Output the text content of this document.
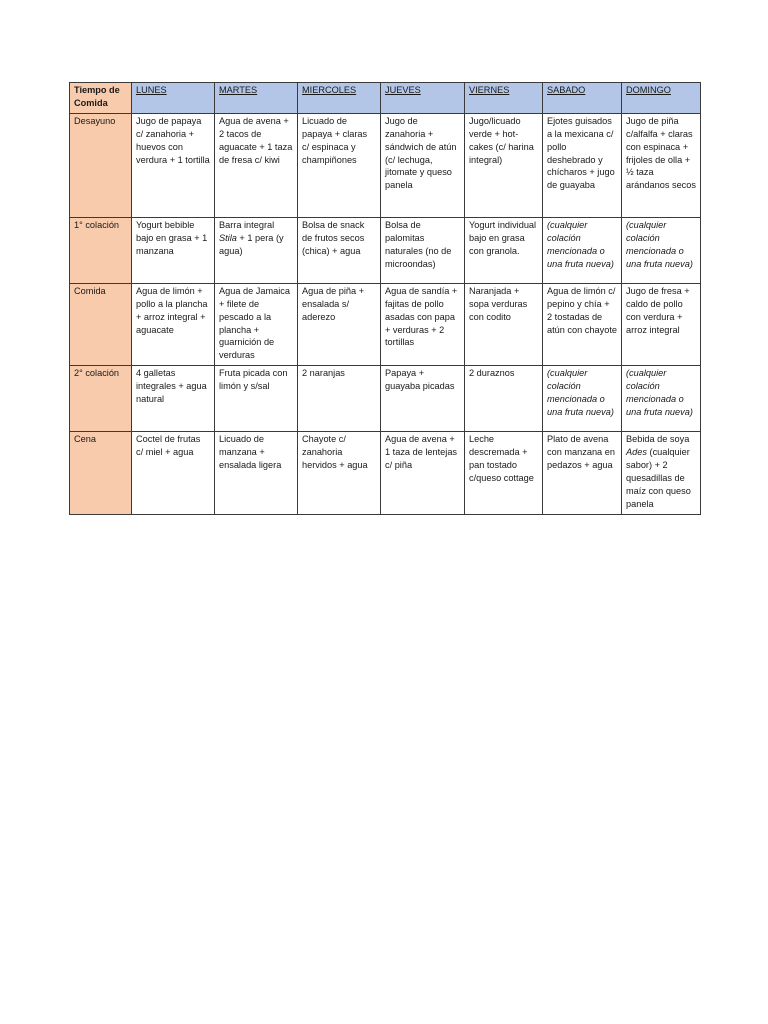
Tiempo de Comida	LUNES	MARTES	MIERCOLES	JUEVES	VIERNES	SABADO	DOMINGO
Desayuno	Jugo de papaya c/ zanahoria + huevos con verdura + 1 tortilla	Agua de avena + 2 tacos de aguacate + 1 taza de fresa c/ kiwi	Licuado de papaya + claras c/ espinaca y champiñones	Jugo de zanahoria + sándwich de atún (c/ lechuga, jitomate y queso panela	Jugo/licuado verde + hot-cakes (c/ harina integral)	Ejotes guisados a la mexicana c/ pollo deshebrado y chícharos + jugo de guayaba	Jugo de piña c/alfalfa + claras con espinaca + frijoles de olla + ½ taza arándanos secos
1° colación	Yogurt bebible bajo en grasa + 1 manzana	Barra integral Stila + 1 pera (y agua)	Bolsa de snack de frutos secos (chica) + agua	Bolsa de palomitas naturales (no de microondas)	Yogurt individual bajo en grasa con granola.	(cualquier colación mencionada o una fruta nueva)	(cualquier colación mencionada o una fruta nueva)
Comida	Agua de limón + pollo a la plancha + arroz integral + aguacate	Agua de Jamaica + filete de pescado a la plancha + guarnición de verduras	Agua de piña + ensalada s/ aderezo	Agua de sandía + fajitas de pollo asadas con papa + verduras + 2 tortillas	Naranjada + sopa verduras con codito	Agua de limón c/ pepino y chía + 2 tostadas de atún con chayote	Jugo de fresa + caldo de pollo con verdura + arroz integral
2° colación	4 galletas integrales + agua natural	Fruta picada con limón y s/sal	2 naranjas	Papaya + guayaba picadas	2 duraznos	(cualquier colación mencionada o una fruta nueva)	(cualquier colación mencionada o una fruta nueva)
Cena	Coctel de frutas c/ miel + agua	Licuado de manzana + ensalada ligera	Chayote c/ zanahoria hervidos + agua	Agua de avena + 1 taza de lentejas c/ piña	Leche descremada + pan tostado c/queso cottage	Plato de avena con manzana en pedazos + agua	Bebida de soya Ades (cualquier sabor) + 2 quesadillas de maíz con queso panela
